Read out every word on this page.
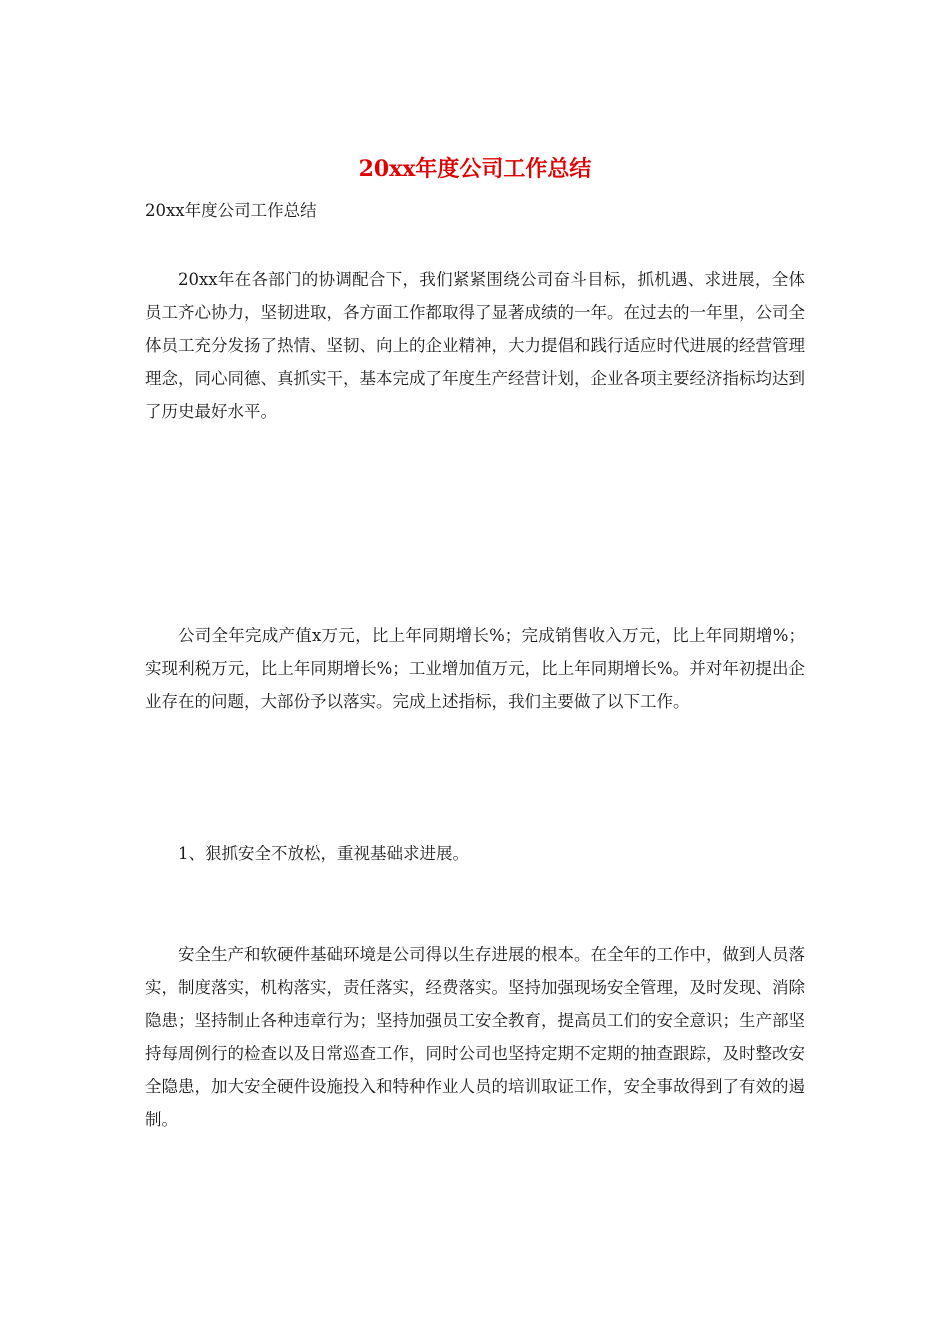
20xx年度公司工作总结

20xx年度公司工作总结

20xx年在各部门的协调配合下，我们紧紧围绕公司奋斗目标，抓机遇、求进展，全体员工齐心协力，坚韧进取，各方面工作都取得了显著成绩的一年。在过去的一年里，公司全体员工充分发扬了热情、坚韧、向上的企业精神，大力提倡和践行适应时代进展的经营管理理念，同心同德、真抓实干，基本完成了年度生产经营计划，企业各项主要经济指标均达到了历史最好水平。

公司全年完成产值x万元，比上年同期增长%；完成销售收入万元，比上年同期增%；实现利税万元，比上年同期增长%；工业增加值万元，比上年同期增长%。并对年初提出企业存在的问题，大部份予以落实。完成上述指标，我们主要做了以下工作。

1、狠抓安全不放松，重视基础求进展。

安全生产和软硬件基础环境是公司得以生存进展的根本。在全年的工作中，做到人员落实，制度落实，机构落实，责任落实，经费落实。坚持加强现场安全管理，及时发现、消除隐患；坚持制止各种违章行为；坚持加强员工安全教育，提高员工们的安全意识；生产部坚持每周例行的检查以及日常巡查工作，同时公司也坚持定期不定期的抽查跟踪，及时整改安全隐患，加大安全硬件设施投入和特种作业人员的培训取证工作，安全事故得到了有效的遏制。
